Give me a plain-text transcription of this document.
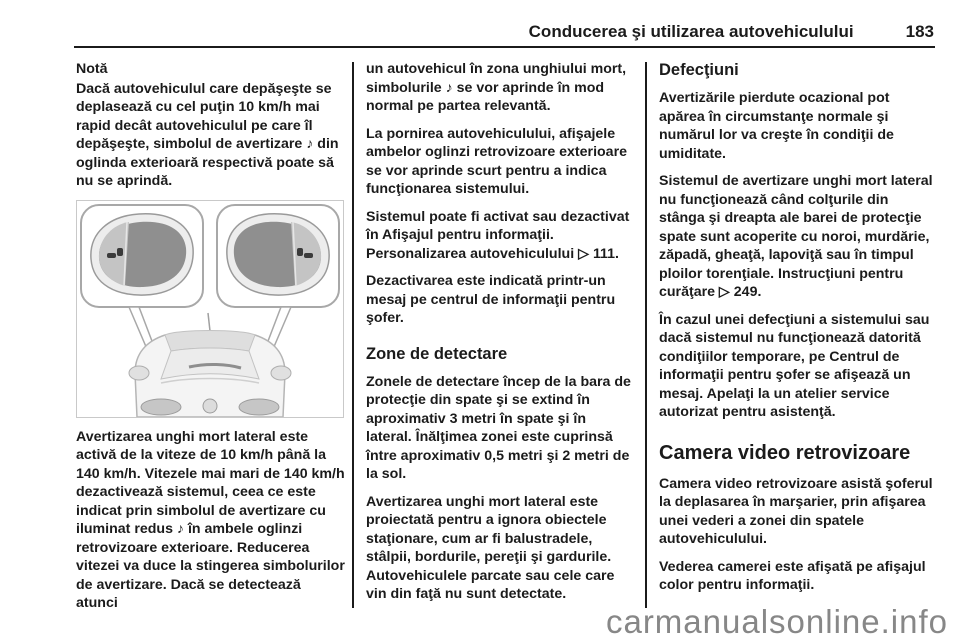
Conducerea şi utilizarea autovehiculului	183

Notă

Dacă autovehiculul care depăşeşte se deplasează cu cel puţin 10 km/h mai rapid decât autovehiculul pe care îl depăşeşte, simbolul de avertizare ♪ din oglinda exterioară respectivă poate să nu se aprindă.

Avertizarea unghi mort lateral este activă de la viteze de 10 km/h până la 140 km/h. Vitezele mai mari de 140 km/h dezactivează sistemul, ceea ce este indicat prin simbolul de avertizare cu iluminat redus ♪ în ambele oglinzi retrovizoare exterioare. Reducerea vitezei va duce la stingerea simbolurilor de avertizare. Dacă se detectează atunci

un autovehicul în zona unghiului mort, simbolurile ♪ se vor aprinde în mod normal pe partea relevantă.

La pornirea autovehiculului, afişajele ambelor oglinzi retrovizoare exterioare se vor aprinde scurt pentru a indica funcţionarea sistemului.

Sistemul poate fi activat sau dezactivat în Afişajul pentru informaţii. Personalizarea autovehiculului ▷ 111.

Dezactivarea este indicată printr-un mesaj pe centrul de informaţii pentru şofer.

Zone de detectare

Zonele de detectare încep de la bara de protecţie din spate şi se extind în aproximativ 3 metri în spate şi în lateral. Înălţimea zonei este cuprinsă între aproximativ 0,5 metri şi 2 metri de la sol.

Avertizarea unghi mort lateral este proiectată pentru a ignora obiectele staţionare, cum ar fi balustradele, stâlpii, bordurile, pereţii şi gardurile. Autovehiculele parcate sau cele care vin din faţă nu sunt detectate.

Defecţiuni

Avertizările pierdute ocazional pot apărea în circumstanţe normale şi numărul lor va creşte în condiţii de umiditate.

Sistemul de avertizare unghi mort lateral nu funcţionează când colţurile din stânga şi dreapta ale barei de protecţie spate sunt acoperite cu noroi, murdărie, zăpadă, gheaţă, lapoviţă sau în timpul ploilor torenţiale. Instrucţiuni pentru curăţare ▷ 249.

În cazul unei defecţiuni a sistemului sau dacă sistemul nu funcţionează datorită condiţiilor temporare, pe Centrul de informaţii pentru şofer se afişează un mesaj. Apelaţi la un atelier service autorizat pentru asistenţă.

Camera video retrovizoare

Camera video retrovizoare asistă şoferul la deplasarea în marşarier, prin afişarea unei vederi a zonei din spatele autovehiculului.

Vederea camerei este afişată pe afişajul color pentru informaţii.

carmanualsonline.info
